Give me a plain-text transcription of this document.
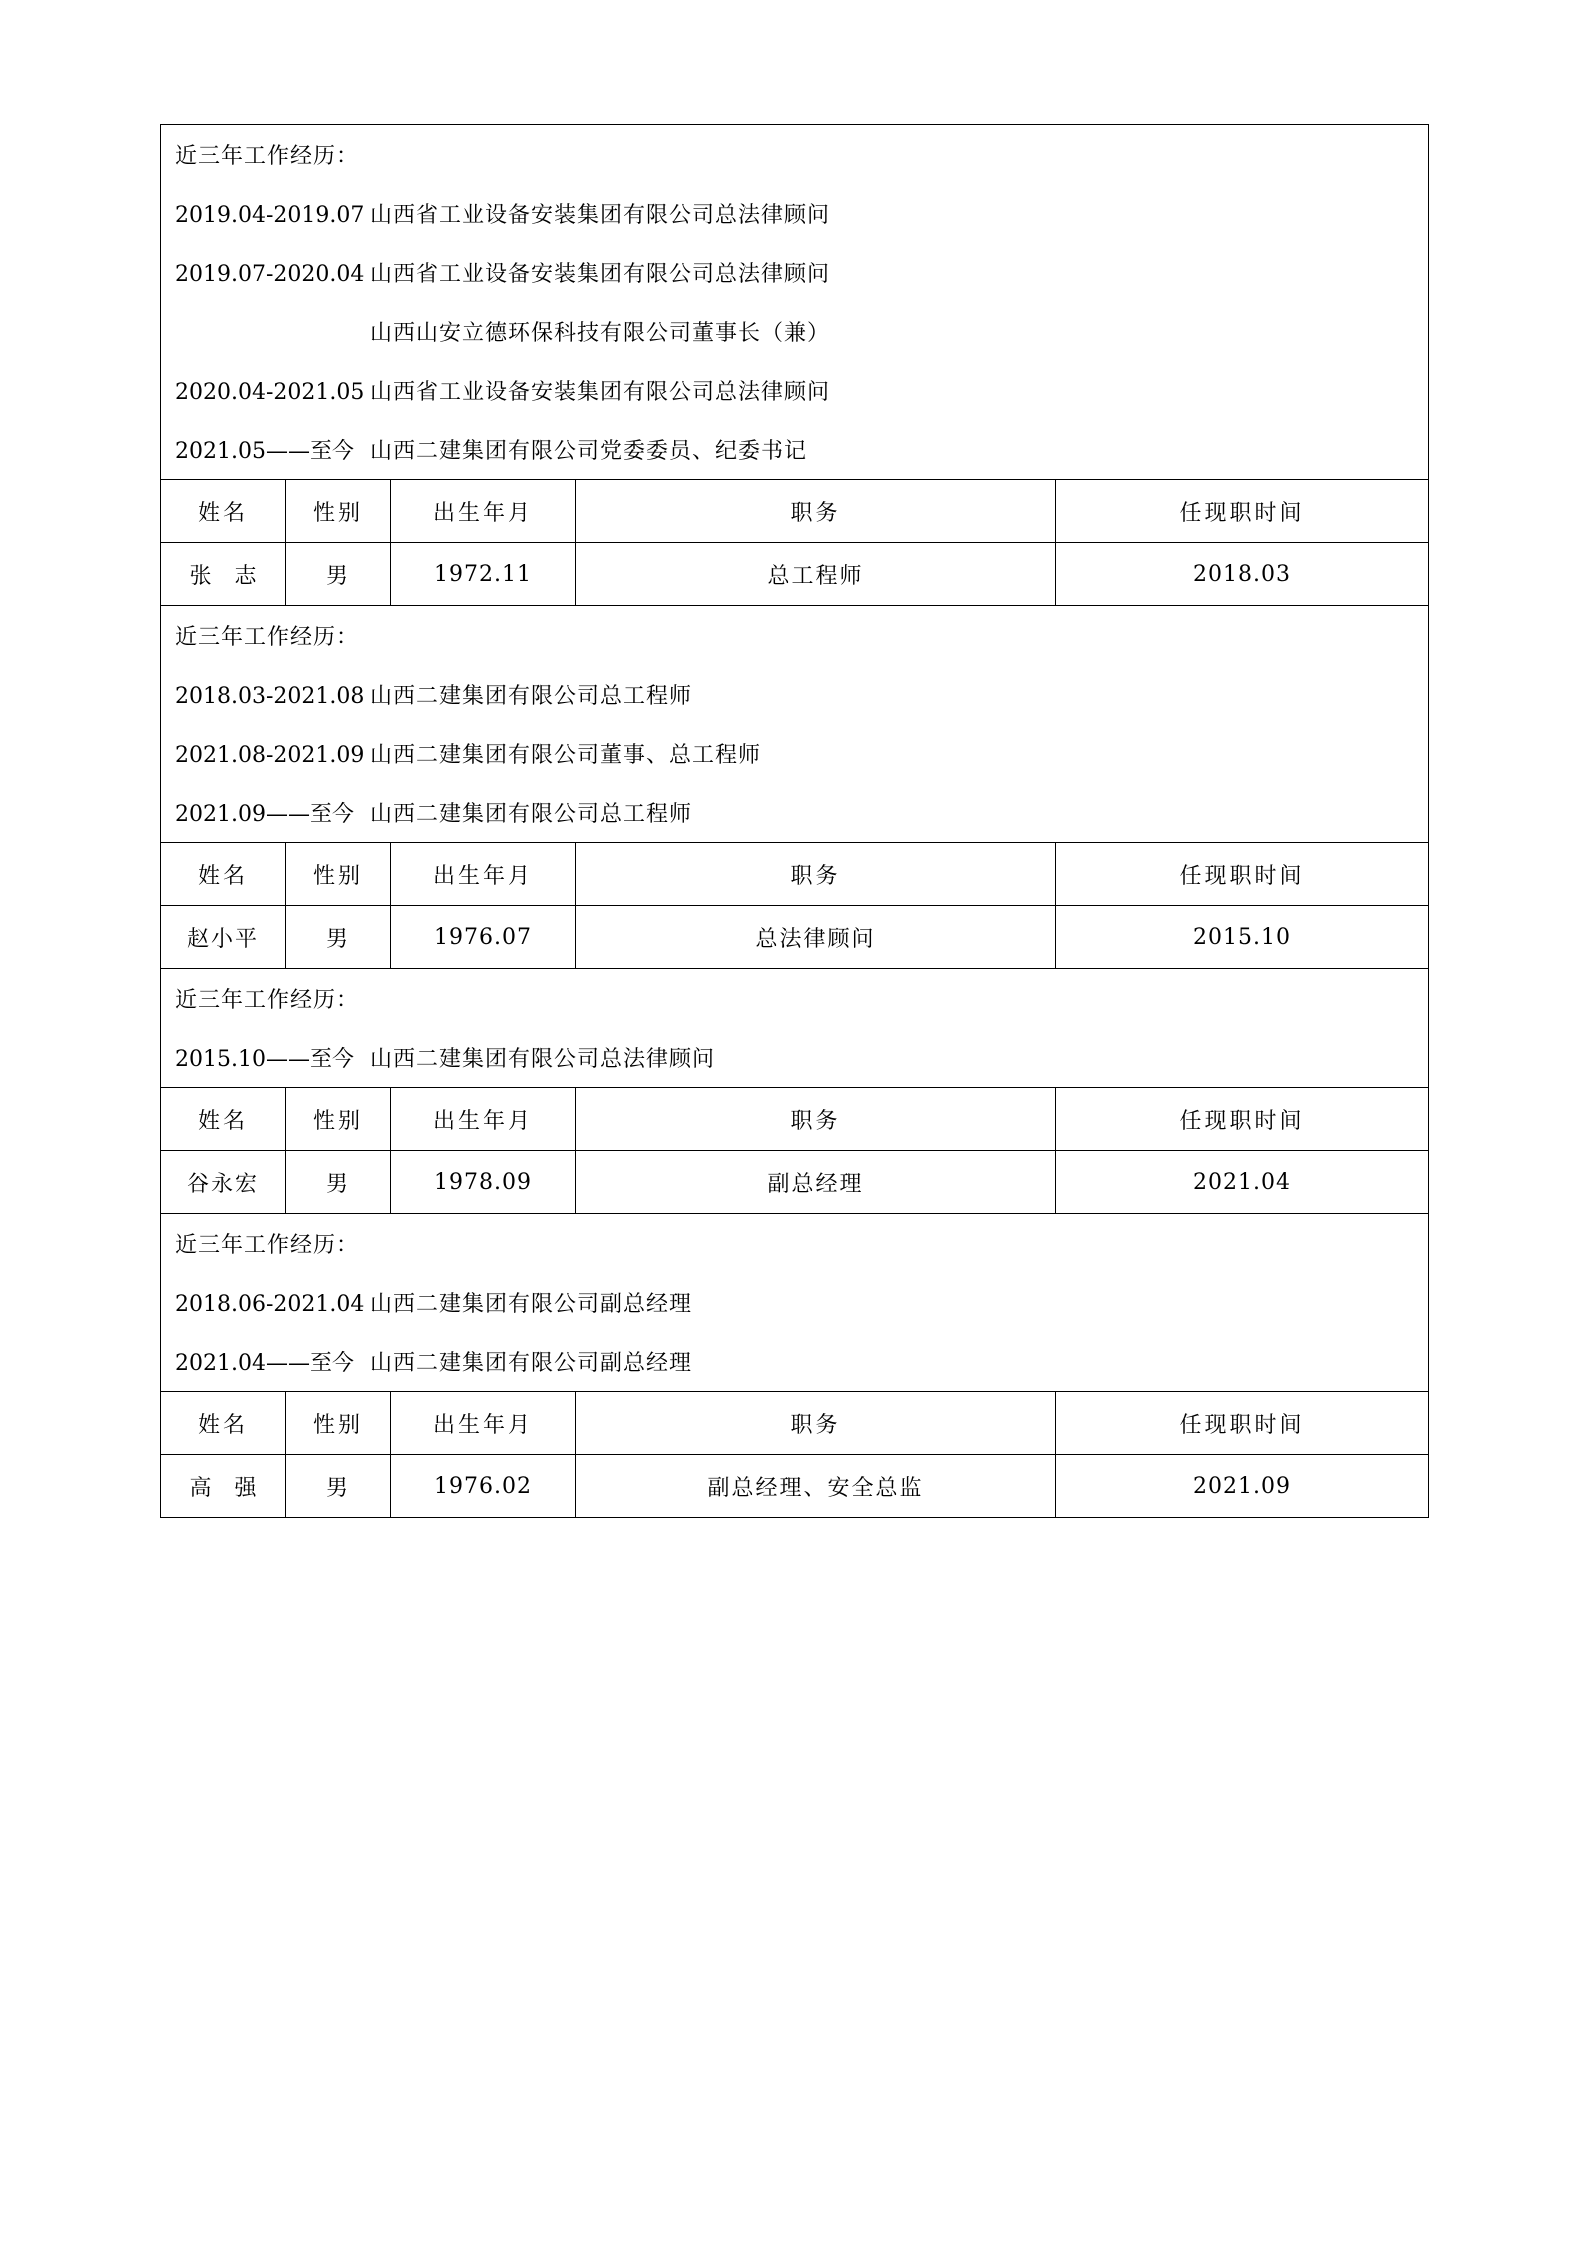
近三年工作经历：
2019.04-2019.07 山西省工业设备安装集团有限公司总法律顾问
2019.07-2020.04 山西省工业设备安装集团有限公司总法律顾问
山西山安立德环保科技有限公司董事长（兼）
2020.04-2021.05 山西省工业设备安装集团有限公司总法律顾问
2021.05——至今 山西二建集团有限公司党委委员、纪委书记

姓名	性别	出生年月	职务	任现职时间
张 志	男	1972.11	总工程师	2018.03

近三年工作经历：
2018.03-2021.08 山西二建集团有限公司总工程师
2021.08-2021.09 山西二建集团有限公司董事、总工程师
2021.09——至今 山西二建集团有限公司总工程师

姓名	性别	出生年月	职务	任现职时间
赵小平	男	1976.07	总法律顾问	2015.10

近三年工作经历：
2015.10——至今 山西二建集团有限公司总法律顾问				

姓名	性别	出生年月	职务	任现职时间
谷永宏	男	1978.09	副总经理	2021.04

近三年工作经历：
2018.06-2021.04 山西二建集团有限公司副总经理
2021.04——至今 山西二建集团有限公司副总经理				

姓名	性别	出生年月	职务	任现职时间
高 强	男	1976.02	副总经理、安全总监	2021.09
